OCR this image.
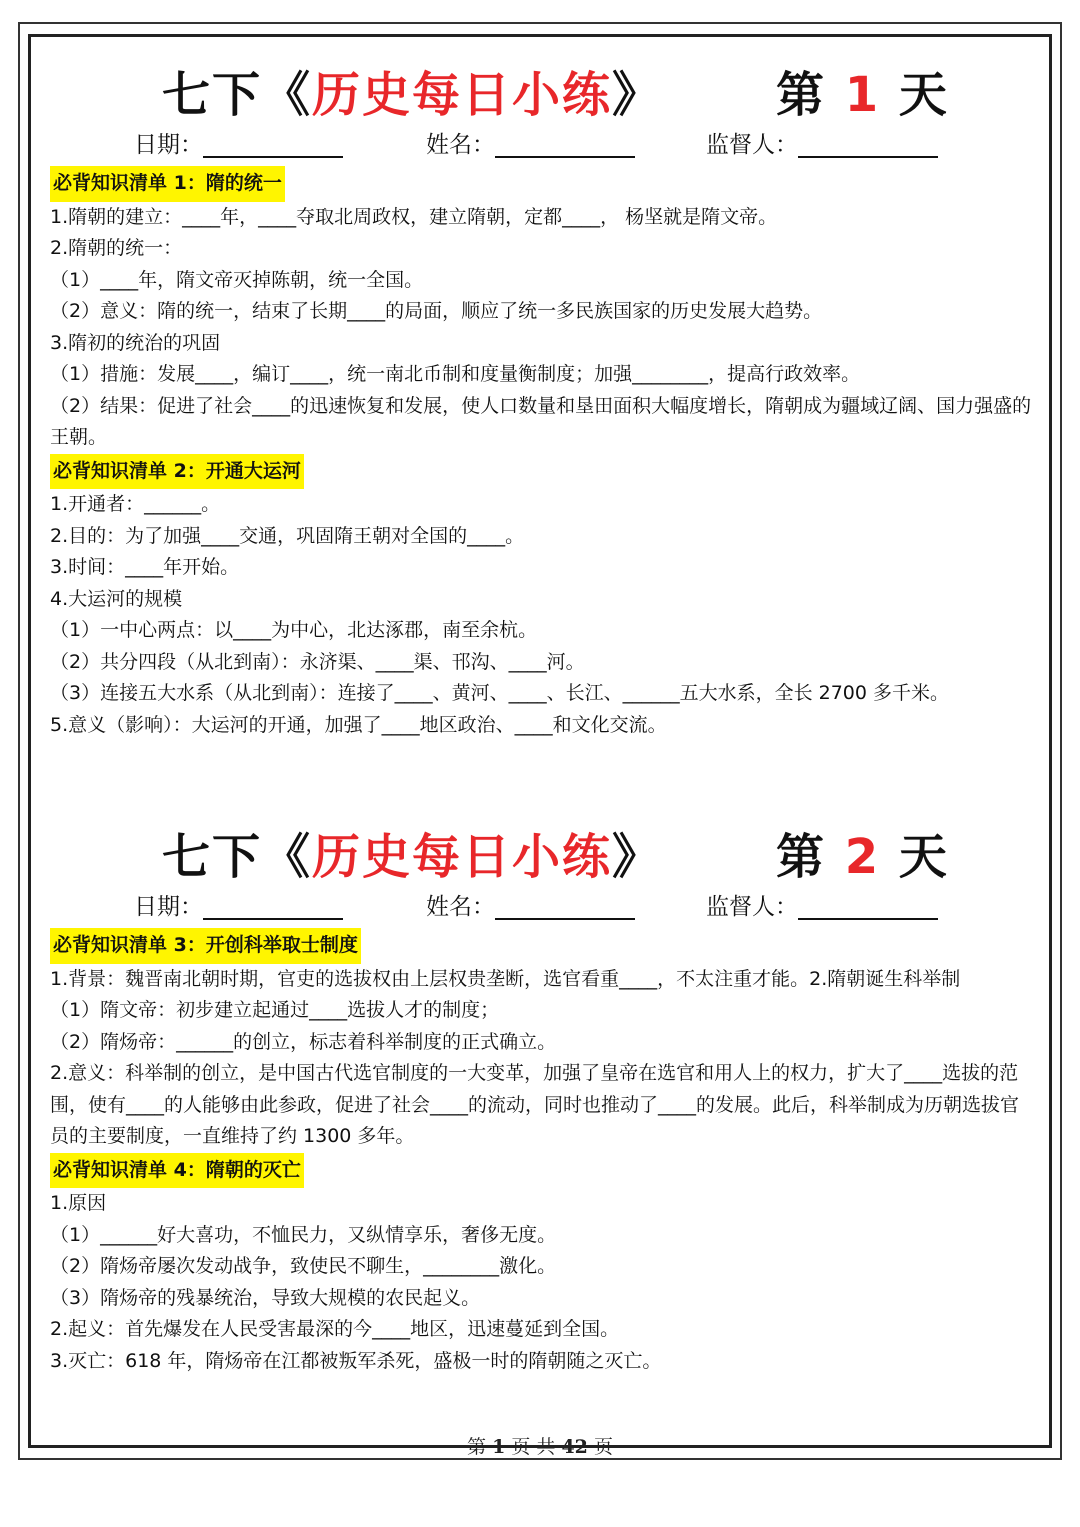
七下《历史每日小练》 第 1 天
日期：	姓名：	监督人：
必背知识清单 1：隋的统一
1.隋朝的建立：____年，____夺取北周政权，建立隋朝，定都____， 杨坚就是隋文帝。
2.隋朝的统一：
（1）____年，隋文帝灭掉陈朝，统一全国。
（2）意义：隋的统一，结束了长期____的局面，顺应了统一多民族国家的历史发展大趋势。
3.隋初的统治的巩固
（1）措施：发展____，编订____，统一南北币制和度量衡制度；加强________，提高行政效率。
（2）结果：促进了社会____的迅速恢复和发展，使人口数量和垦田面积大幅度增长，隋朝成为疆域辽阔、国力强盛的王朝。
必背知识清单 2：开通大运河
1.开通者：______。
2.目的：为了加强____交通，巩固隋王朝对全国的____。
3.时间：____年开始。
4.大运河的规模
（1）一中心两点：以____为中心，北达涿郡，南至余杭。
（2）共分四段（从北到南）：永济渠、____渠、邗沟、____河。
（3）连接五大水系（从北到南）：连接了____、黄河、____、长江、______五大水系，全长 2700 多千米。
5.意义（影响）：大运河的开通，加强了____地区政治、____和文化交流。
七下《历史每日小练》 第 2 天
日期：	姓名：	监督人：
必背知识清单 3：开创科举取士制度
1.背景：魏晋南北朝时期，官吏的选拔权由上层权贵垄断，选官看重____，不太注重才能。2.隋朝诞生科举制
（1）隋文帝：初步建立起通过____选拔人才的制度；
（2）隋炀帝：______的创立，标志着科举制度的正式确立。
2.意义：科举制的创立，是中国古代选官制度的一大变革，加强了皇帝在选官和用人上的权力，扩大了____选拔的范围，使有____的人能够由此参政，促进了社会____的流动，同时也推动了____的发展。此后，科举制成为历朝选拔官员的主要制度，一直维持了约 1300 多年。
必背知识清单 4：隋朝的灭亡
1.原因
（1）______好大喜功，不恤民力，又纵情享乐，奢侈无度。
（2）隋炀帝屡次发动战争，致使民不聊生，________激化。
（3）隋炀帝的残暴统治，导致大规模的农民起义。
2.起义：首先爆发在人民受害最深的今____地区，迅速蔓延到全国。
3.灭亡：618 年，隋炀帝在江都被叛军杀死，盛极一时的隋朝随之灭亡。
第 1 页 共 42 页
